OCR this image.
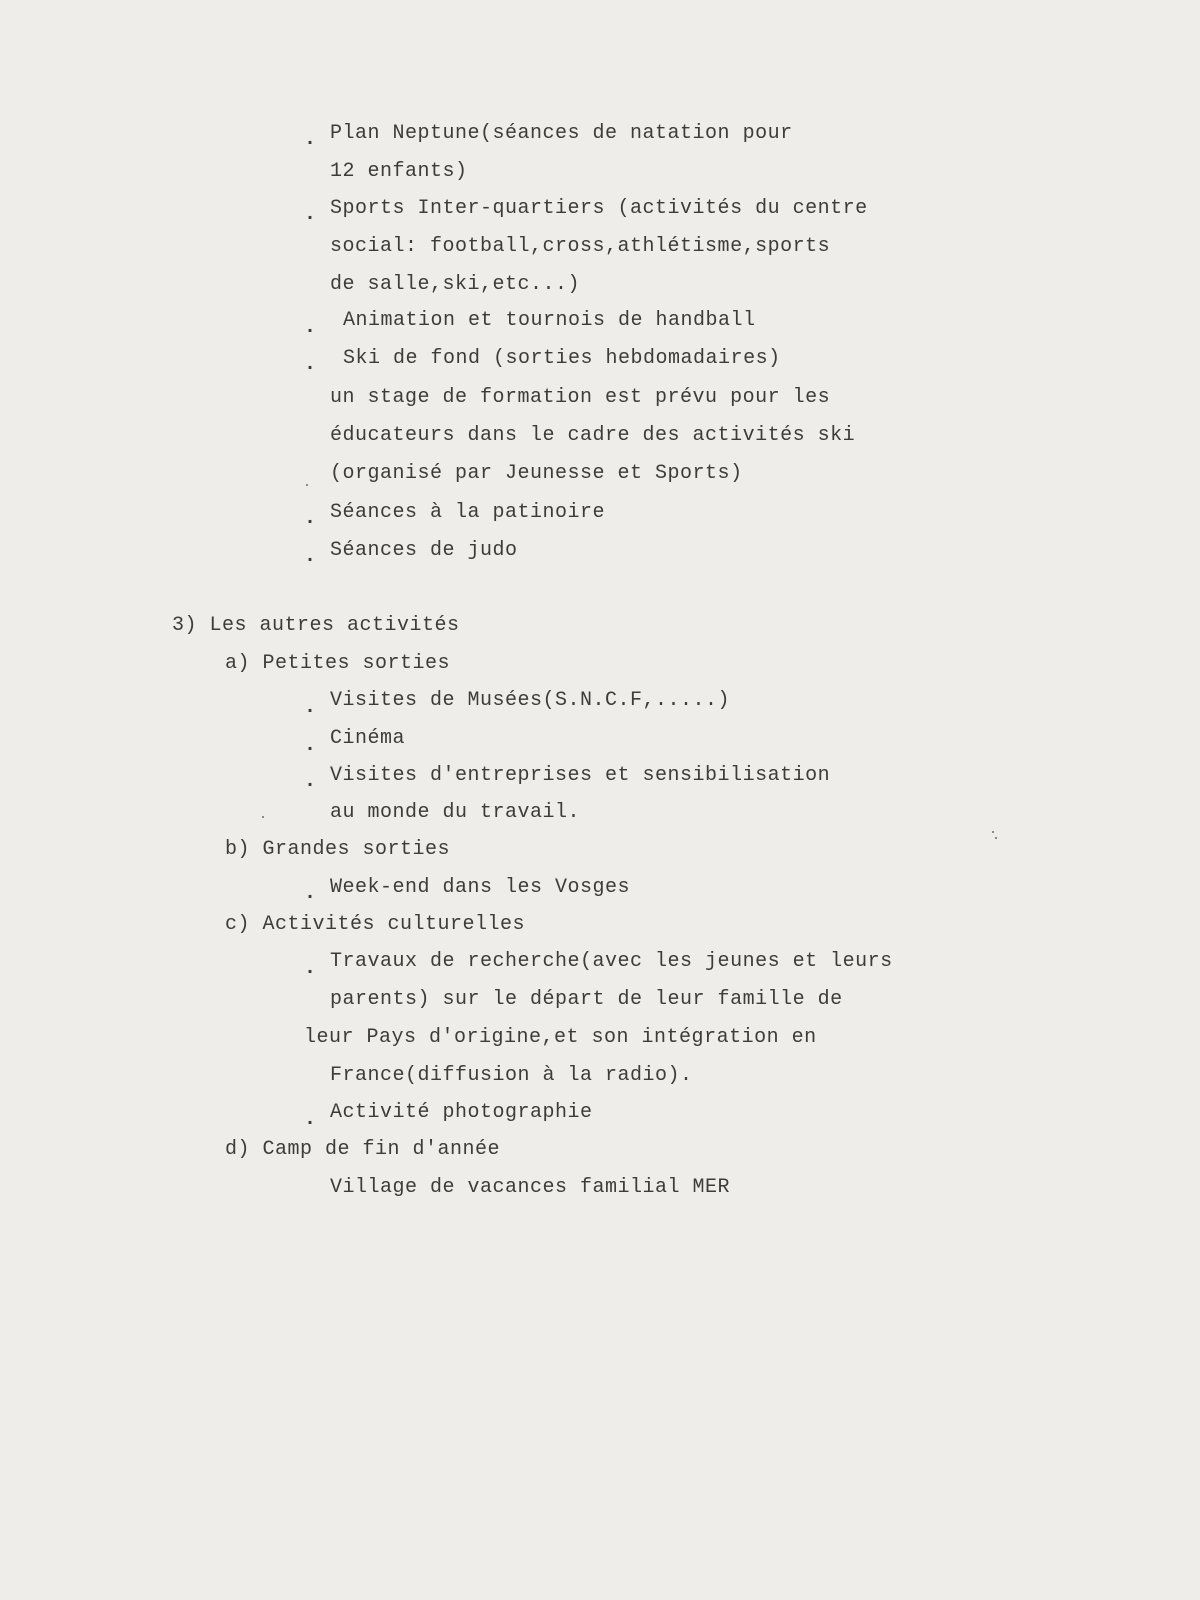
. Plan Neptune(séances de natation pour
12 enfants)
. Sports Inter-quartiers (activités du centre
social: football,cross,athlétisme,sports
de salle,ski,etc...)
. Animation et tournois de handball
. Ski de fond (sorties hebdomadaires)
un stage de formation est prévu pour les
éducateurs dans le cadre des activités ski
(organisé par Jeunesse et Sports)
. Séances à la patinoire
. Séances de judo
3) Les autres activités
a) Petites sorties
. Visites de Musées(S.N.C.F,.....)
. Cinéma
. Visites d'entreprises et sensibilisation
au monde du travail.
b) Grandes sorties
. Week-end dans les Vosges
c) Activités culturelles
. Travaux de recherche(avec les jeunes et leurs
parents) sur le départ de leur famille de
leur Pays d'origine,et son intégration en
France(diffusion à la radio).
. Activité photographie
d) Camp de fin d'année
Village de vacances familial MER
